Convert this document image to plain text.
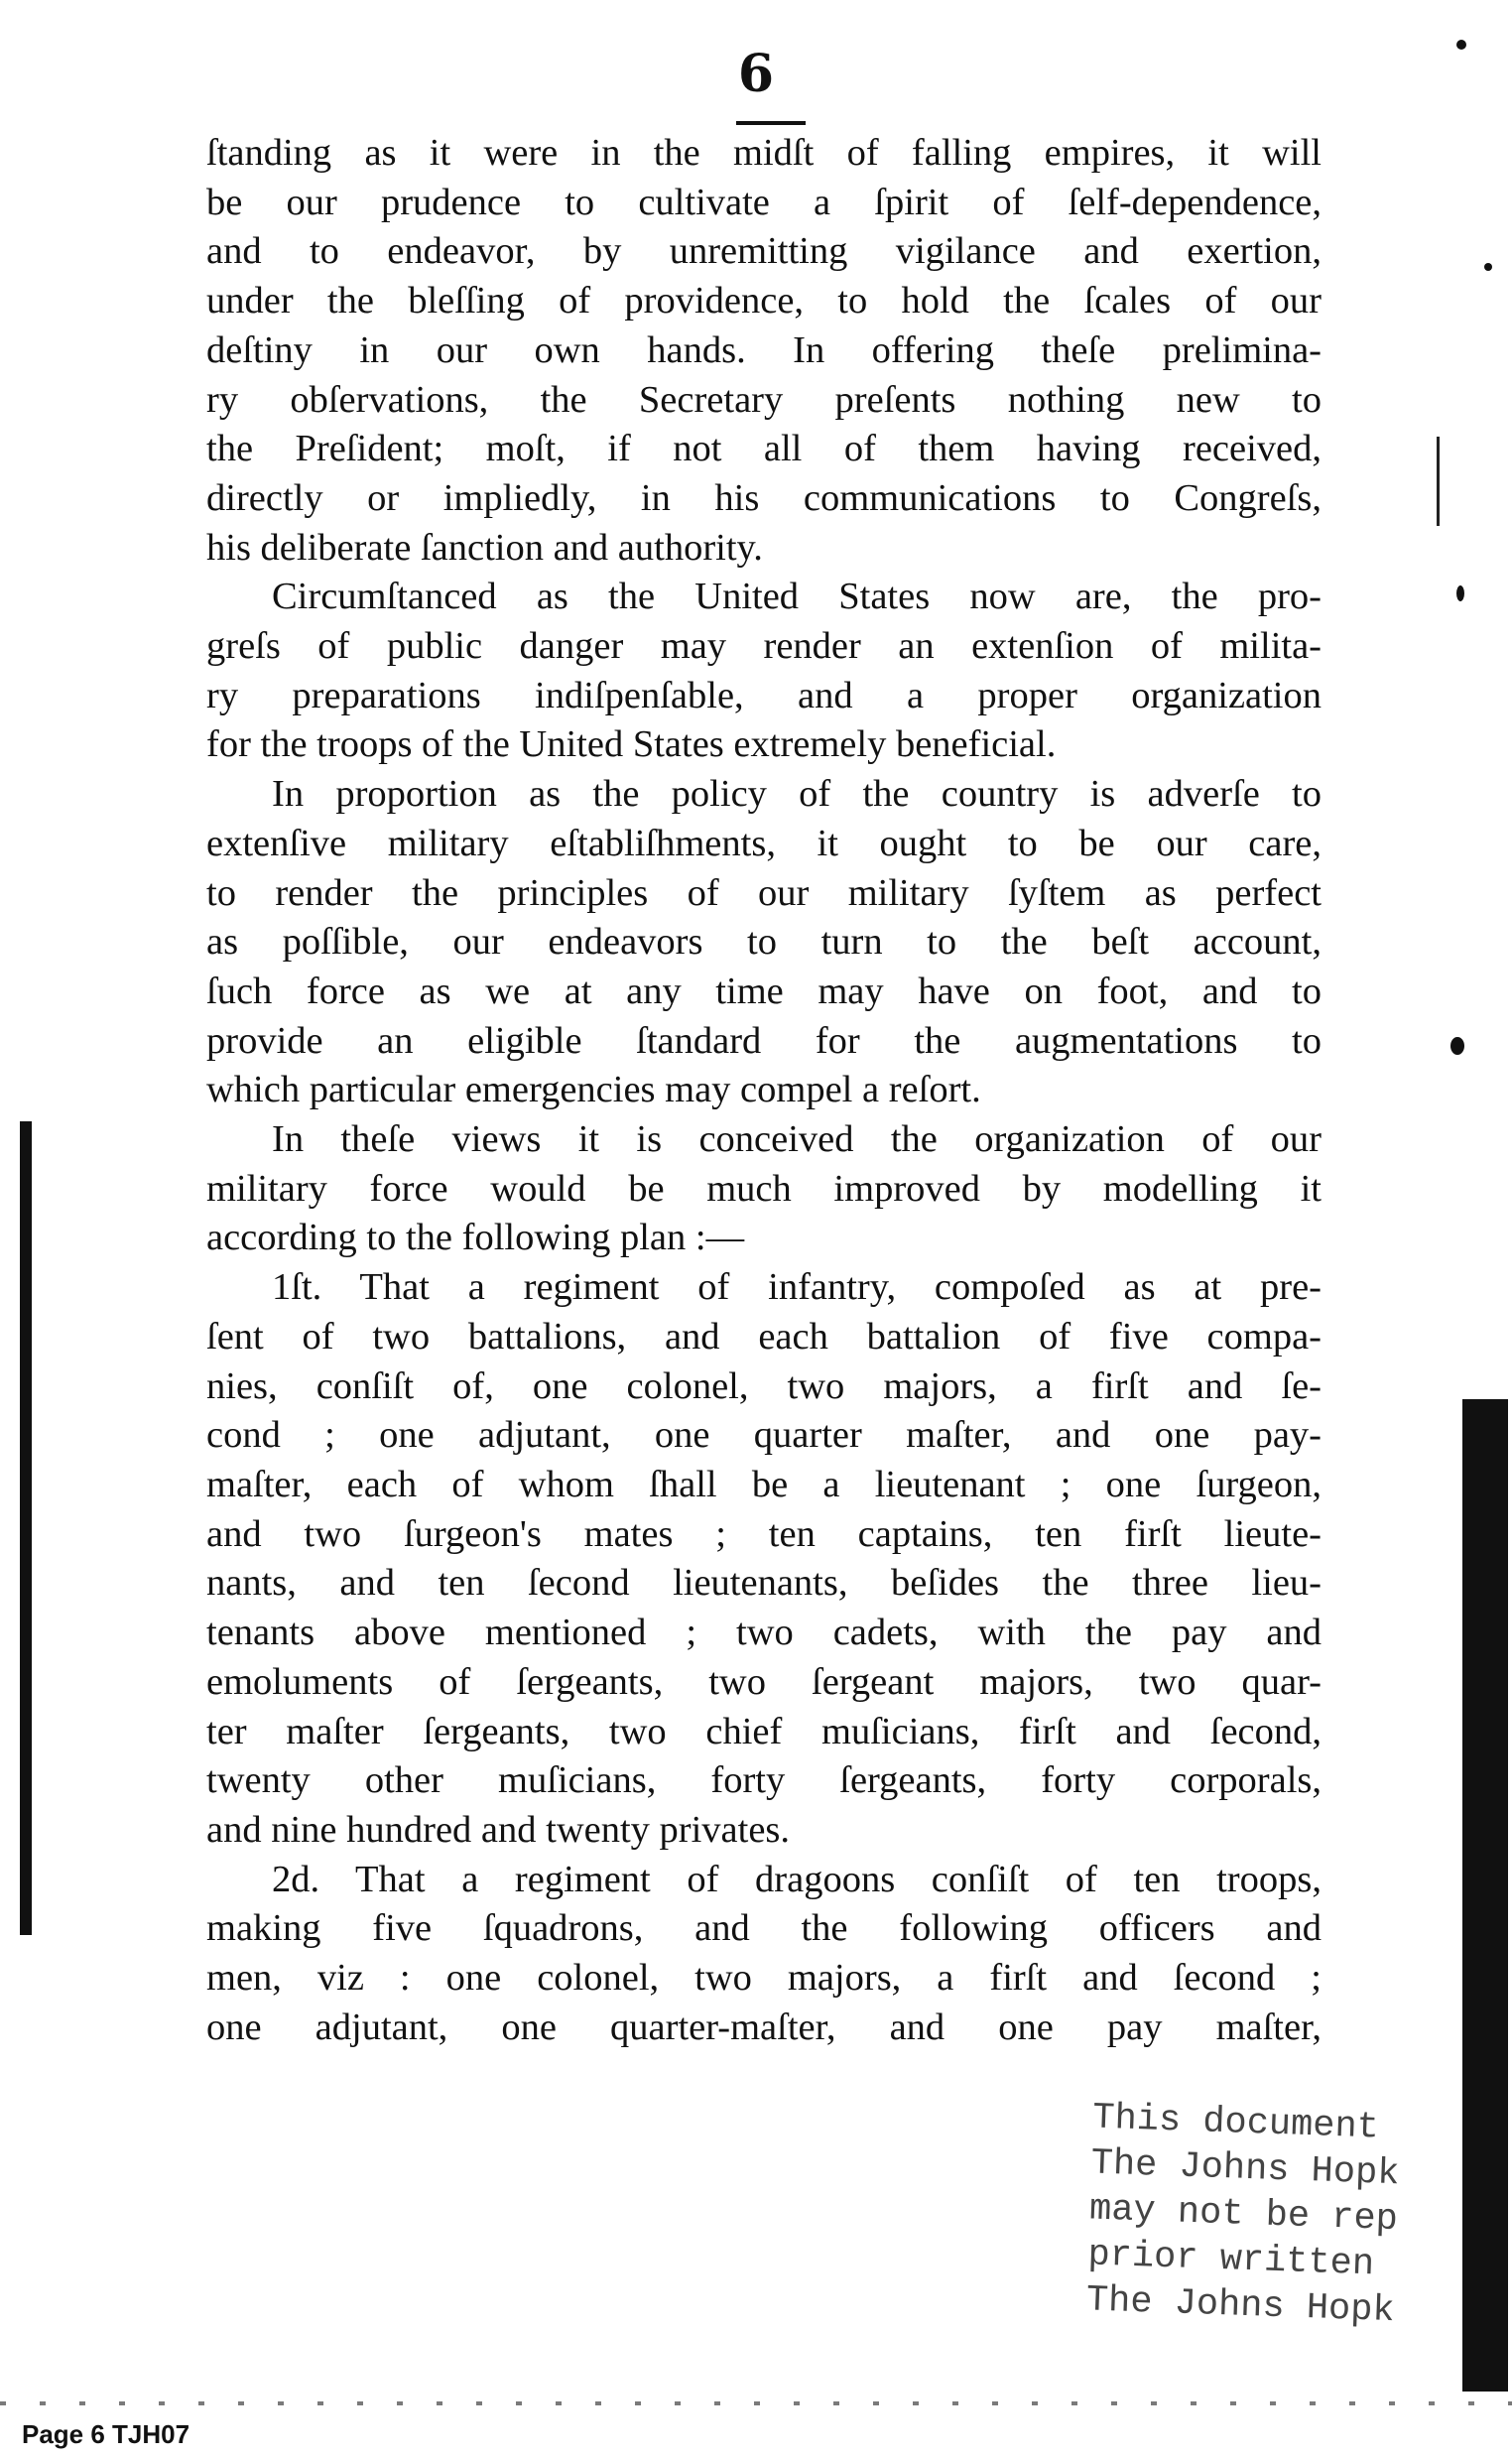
6
ſtanding as it were in the midſt of falling empires, it will
be our prudence to cultivate a ſpirit of ſelf-dependence,
and to endeavor, by unremitting vigilance and exertion,
under the bleſſing of providence, to hold the ſcales of our
deſtiny in our own hands. In offering theſe prelimina-
ry obſervations, the Secretary preſents nothing new to
the Preſident; moſt, if not all of them having received,
directly or impliedly, in his communications to Congreſs,
his deliberate ſanction and authority.
Circumſtanced as the United States now are, the pro-
greſs of public danger may render an extenſion of milita-
ry preparations indiſpenſable, and a proper organization
for the troops of the United States extremely beneficial.
In proportion as the policy of the country is adverſe to
extenſive military eſtabliſhments, it ought to be our care,
to render the principles of our military ſyſtem as perfect
as poſſible, our endeavors to turn to the beſt account,
ſuch force as we at any time may have on foot, and to
provide an eligible ſtandard for the augmentations to
which particular emergencies may compel a reſort.
In theſe views it is conceived the organization of our
military force would be much improved by modelling it
according to the following plan :—
1ſt. That a regiment of infantry, compoſed as at pre-
ſent of two battalions, and each battalion of five compa-
nies, conſiſt of, one colonel, two majors, a firſt and ſe-
cond ; one adjutant, one quarter maſter, and one pay-
maſter, each of whom ſhall be a lieutenant ; one ſurgeon,
and two ſurgeon's mates ; ten captains, ten firſt lieute-
nants, and ten ſecond lieutenants, beſides the three lieu-
tenants above mentioned ; two cadets, with the pay and
emoluments of ſergeants, two ſergeant majors, two quar-
ter maſter ſergeants, two chief muſicians, firſt and ſecond,
twenty other muſicians, forty ſergeants, forty corporals,
and nine hundred and twenty privates.
2d. That a regiment of dragoons conſiſt of ten troops,
making five ſquadrons, and the following officers and
men, viz : one colonel, two majors, a firſt and ſecond ;
one adjutant, one quarter-maſter, and one pay maſter,
This document
The Johns Hopk
may not be rep
prior written
The Johns Hopk
Page 6 TJH07
